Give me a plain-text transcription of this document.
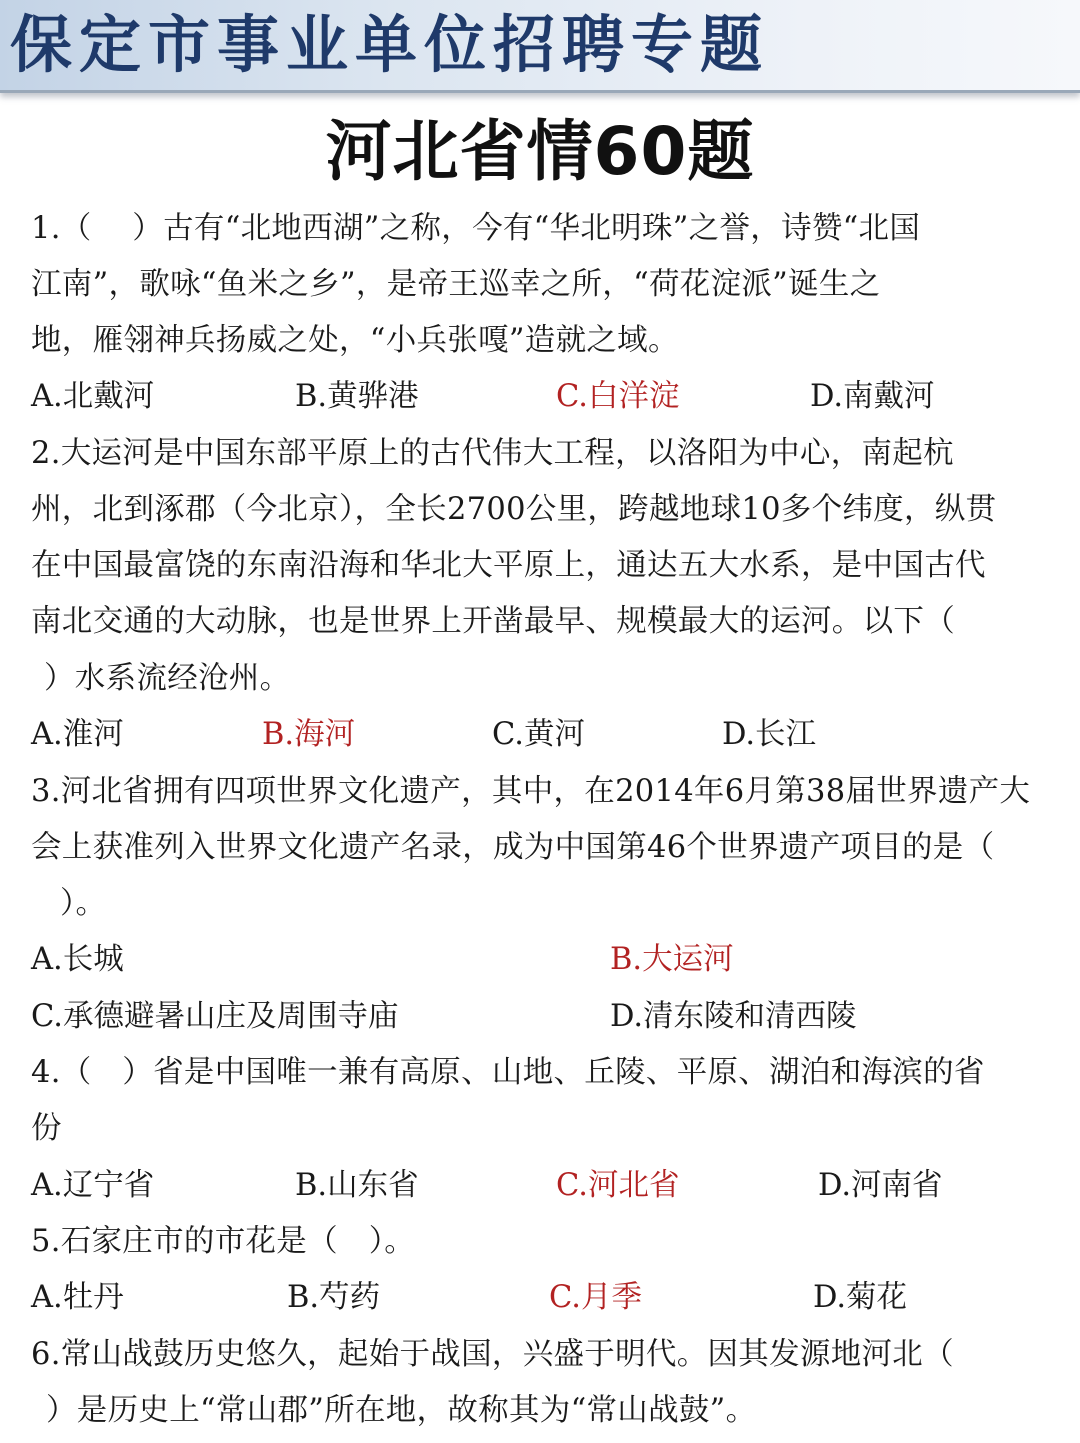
保定市事业单位招聘专题
河北省情60题
1.（　 ）古有“北地西湖”之称，今有“华北明珠”之誉，诗赞“北国
江南”，歌咏“鱼米之乡”，是帝王巡幸之所，“荷花淀派”诞生之
地，雁翎神兵扬威之处，“小兵张嘎”造就之域。
A.北戴河	B.黄骅港	C.白洋淀	D.南戴河
2.大运河是中国东部平原上的古代伟大工程，以洛阳为中心，南起杭
州，北到涿郡（今北京），全长2700公里，跨越地球10多个纬度，纵贯
在中国最富饶的东南沿海和华北大平原上，通达五大水系，是中国古代
南北交通的大动脉，也是世界上开凿最早、规模最大的运河。以下（
）水系流经沧州。
A.淮河	B.海河	C.黄河	D.长江
3.河北省拥有四项世界文化遗产，其中，在2014年6月第38届世界遗产大
会上获准列入世界文化遗产名录，成为中国第46个世界遗产项目的是（
）。
A.长城	B.大运河
C.承德避暑山庄及周围寺庙	D.清东陵和清西陵
4.（　）省是中国唯一兼有高原、山地、丘陵、平原、湖泊和海滨的省
份
A.辽宁省	B.山东省	C.河北省	D.河南省
5.石家庄市的市花是（　）。
A.牡丹	B.芍药	C.月季	D.菊花
6.常山战鼓历史悠久，起始于战国，兴盛于明代。因其发源地河北（
）是历史上“常山郡”所在地，故称其为“常山战鼓”。
